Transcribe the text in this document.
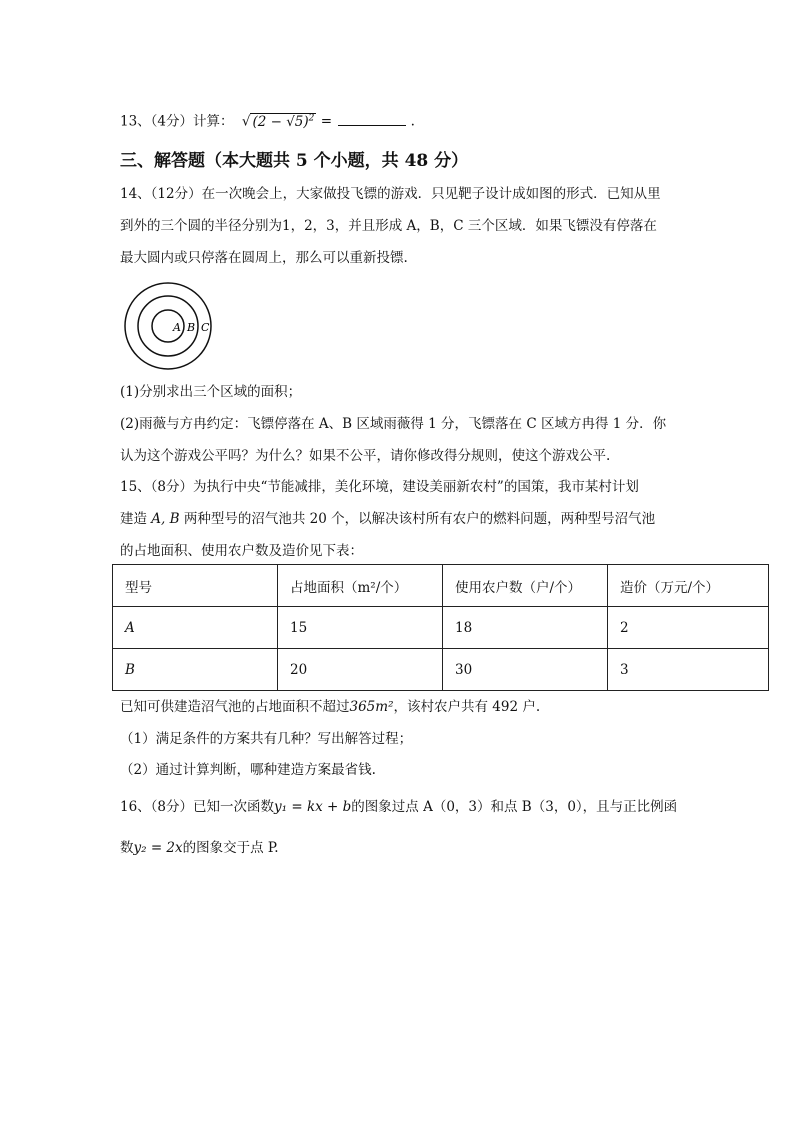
13、（4分）计算： √ $(2 - √5)^2$ =	.
三、解答题（本大题共 5 个小题，共 48 分）
14、（12分）在一次晚会上，大家做投飞镖的游戏．只见靶子设计成如图的形式．已知从里
到外的三个圆的半径分别为1，2，3，并且形成 A，B，C 三个区域．如果飞镖没有停落在
最大圆内或只停落在圆周上，那么可以重新投镖.
A B C
(1)分别求出三个区域的面积；
(2)雨薇与方冉约定：飞镖停落在 A、B 区域雨薇得 1 分，飞镖落在 C 区域方冉得 1 分．你
认为这个游戏公平吗？为什么？如果不公平，请你修改得分规则，使这个游戏公平.
15、（8分）为执行中央“节能减排，美化环境，建设美丽新农村”的国策，我市某村计划
建造 A, B 两种型号的沼气池共 20 个，以解决该村所有农户的燃料问题，两种型号沼气池
的占地面积、使用农户数及造价见下表：
型号	占地面积（m²/个）	使用农户数（户/个）	造价（万元/个）
A	15	18	2
B	20	30	3
已知可供建造沼气池的占地面积不超过365m²，该村农户共有 492 户.
（1）满足条件的方案共有几种？写出解答过程；
（2）通过计算判断，哪种建造方案最省钱.
16、（8分）已知一次函数y₁ = kx + b的图象过点 A（0，3）和点 B（3，0），且与正比例函
数y₂ = 2x的图象交于点 P.
